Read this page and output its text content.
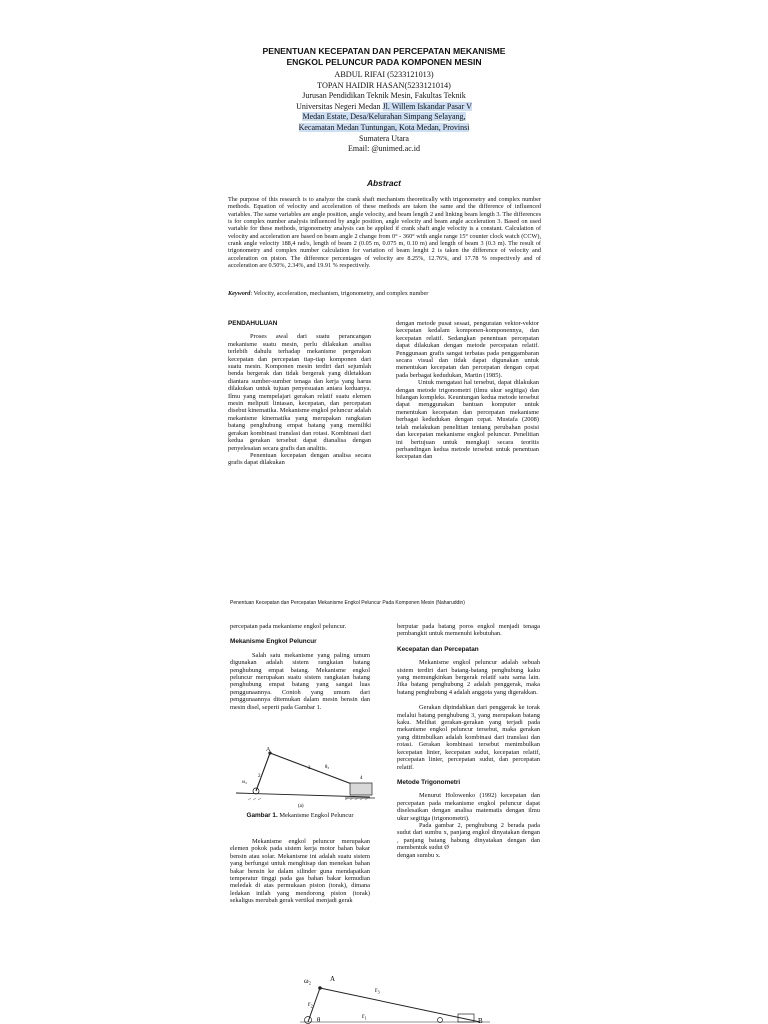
PENENTUAN KECEPATAN DAN PERCEPATAN MEKANISME
ENGKOL PELUNCUR PADA KOMPONEN MESIN
ABDUL RIFAI (5233121013)
TOPAN HAIDIR HASAN(5233121014)
Jurusan Pendidikan Teknik Mesin, Fakultas Teknik
Universitas Negeri Medan Jl. Willem Iskandar Pasar V
Medan Estate, Desa/Kelurahan Simpang Selayang,
Kecamatan Medan Tuntungan, Kota Medan, Provinsi
Sumatera Utara
Email: @unimed.ac.id
Abstract
The purpose of this research is to analyze the crank shaft mechanism theoretically with trigonometry and complex number methods. Equation of velocity and acceleration of these methods are taken the same and the difference of influenced variables. The same variables are angle position, angle velocity, and beam length 2 and linking beam length 3. The differences is for complex number analysis influenced by angle position, angle velocity and beam angle acceleration 3. Based on used variable for these methods, trigonometry analysis can be applied if crank shaft angle velocity is a constant. Calculation of velocity and acceleration are based on beam angle 2 change from 0° - 360° with angle range 15° counter clock watch (CCW), crank angle velocity 188,4 rad/s, length of beam 2 (0.05 m, 0.075 m, 0.10 m) and length of beam 3 (0.3 m). The result of trigonometry and complex number calculation for variation of beam lenght 2 is taken the difference of velocity and acceleration on piston. The difference percentages of velocity are 8.25%, 12.76%, and 17.78 % respectively and of acceleration are 0.50%, 2.34%, and 19.91 % respectively.
Keyword: Velocity, acceleration, mechanism, trigonometry, and complex number
PENDAHULUAN

Proses awal dari suatu perancangan mekanisme suatu mesin, perlu dilakukan analisa terlebih dahulu terhadap mekanisme pergerakan kecepatan dan percepatan tiap-tiap komponen dari suatu mesin. Komponen mesin terdiri dari sejumlah benda bergerak dan tidak bergerak yang diletakkan diantara sumber-sumber tenaga dan kerja yang harus dilakukan untuk tujuan penyesuaian antara keduanya. Ilmu yang mempelajari gerakan relatif suatu elemen mesin meliputi lintasan, kecepatan, dan percepatan disebut kinematika. Mekanisme engkol peluncur adalah mekanisme kinematika yang merupakan rangkaian batang penghubung empat batang yang memiliki gerakan kombinasi translasi dan rotasi. Kombinasi dari kedua gerakan tersebut dapat dianalisa dengan penyelesaian secara grafis dan analitis.

Penentuan kecepatan dengan analisa secara grafis dapat dilakukan

dengan metode pusat sesaat, penguraian vektor-vektor kecepatan kedalam komponen-komponennya, dan kecepatan relatif. Sedangkan penentuan percepatan dapat dilakukan dengan metode percepatan relatif. Penggunaan grafis sangat terbatas pada penggambaran secara visual dan tidak dapat digunakan untuk menentukan kecepatan dan percepatan dengan cepat pada berbagai kedudukan, Martin (1985).

Untuk mengatasi hal tersebut, dapat dilakukan dengan metode trigonometri (ilmu ukur segitiga) dan bilangan kompleks. Keuntungan kedua metode tersebut dapat menggunakan bantuan komputer untuk menentukan kecepatan dan percepatan mekanisme berbagai kedudukan dengan cepat. Mustafa (2008) telah melakukan penelitian tentang perubahan posisi dan kecepatan mekanisme engkol peluncur. Penelitian ini bertujuan untuk mengkaji secara teoritis perbandingan kedua metode tersebut untuk penentuan kecepatan dan

Penentuan Kecepatan dan Percepatan Mekanisme Engkol Peluncur Pada Komponen Mesin (Naharuddin)

percepatan pada mekanisme engkol peluncur.

Mekanisme Engkol Peluncur

Salah satu mekanisme yang paling umum digunakan adalah sistem rangkaian batang penghubung empat batang. Mekanisme engkol peluncur merupakan suatu sistem rangkaian batang penghubung empat batang yang sangat luas penggunaannya. Contoh yang umum dari penggunaannya ditemukan dalam mesin bensin dan mesin disel, seperti pada Gambar 1.

A
3	θ₃
ω₂
2	4
(a)
Gambar 1. Mekanisme Engkol Peluncur

Mekanisme engkol peluncur merupakan elemen pokok pada sistem kerja motor bahan bakar bensin atau solar. Mekanisme ini adalah suatu sistem yang berfungsi untuk menghisap dan menekan bahan bakar bensin ke dalam silinder guna mendapatkan temperatur tinggi pada gas bahan bakar kemudian meledak di atas permukaan piston (torak), dimana ledakan inilah yang mendorong piston (torak) sekaligus merubah gerak vertikal menjadi gerak

berputar pada batang poros engkol menjadi tenaga pembangkit untuk memenuhi kebutuhan.

Kecepatan dan Percepatan

Mekanisme engkol peluncur adalah sebuah sistem terdiri dari batang-batang penghubung kaku yang memungkinkan bergerak relatif satu sama lain. Jika batang penghubung 2 adalah penggerak, maka batang penghubung 4 adalah anggota yang digerakkan.

Gerakan dipindahkan dari penggerak ke torak melalui batang penghubung 3, yang merupakan batang kaku. Melihat gerakan-gerakan yang terjadi pada mekanisme engkol peluncur tersebut, maka gerakan yang ditimbulkan adalah kombinasi dari translasi dan rotasi. Gerakan kombinasi tersebut menimbulkan kecepatan linier, kecepatan sudut, kecepatan relatif, percepatan linier, percepatan sudut, dan percepatan relatif.

Metode Trigonometri

Menurut Holowenko (1992) kecepatan dan percepatan pada mekanisme engkol peluncur dapat diselesaikan dengan analisa matematis dengan ilmu ukur segitiga (trigonometri).

Pada gambar 2, penghubung 2 berada pada sudut dari sumbu x, panjang engkol dinyatakan dengan , panjang batang habung dinyatakan dengan dan membentuk sudut Ø

dengan sumbu x.

ω₂	A
r₂
r₃
θ	r₁
B
